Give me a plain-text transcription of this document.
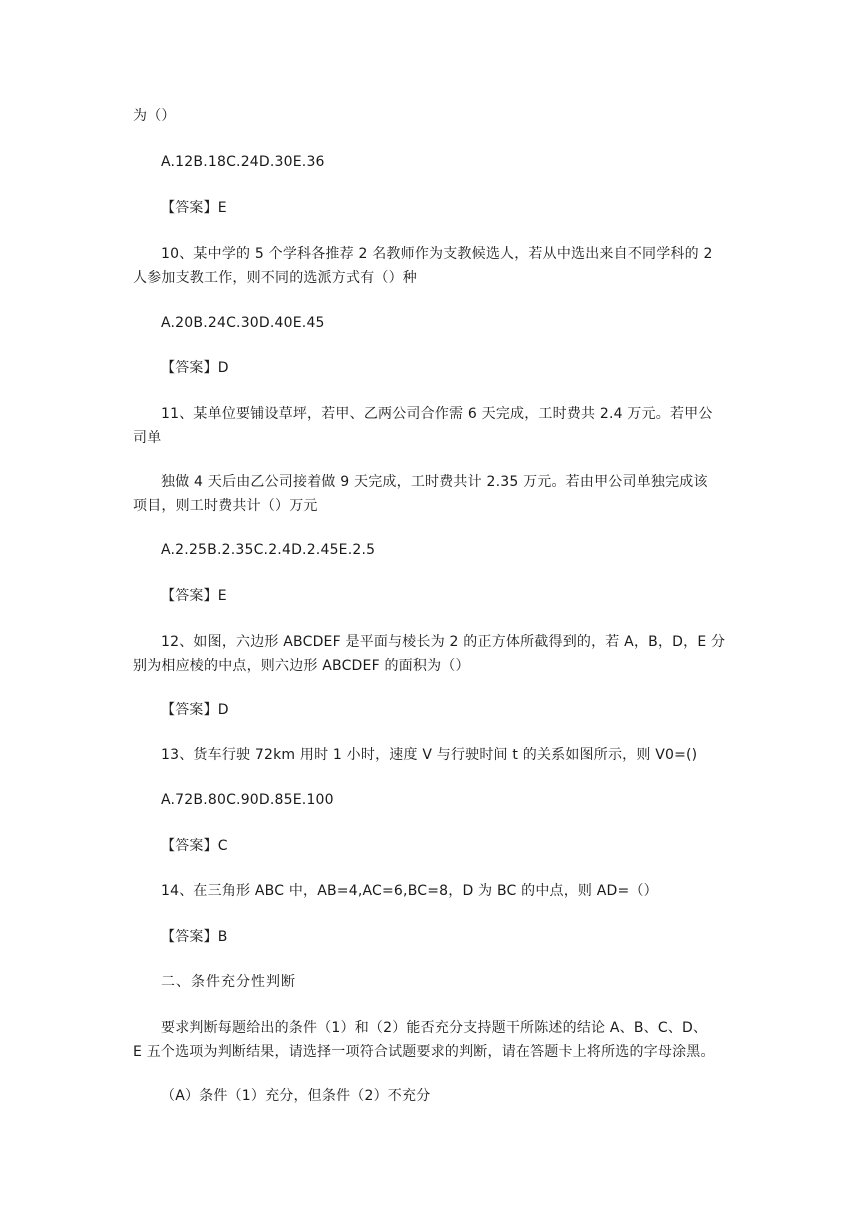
为（）
A.12B.18C.24D.30E.36
【答案】E
10、某中学的 5 个学科各推荐 2 名教师作为支教候选人，若从中选出来自不同学科的 2
人参加支教工作，则不同的选派方式有（）种
A.20B.24C.30D.40E.45
【答案】D
11、某单位要铺设草坪，若甲、乙两公司合作需 6 天完成，工时费共 2.4 万元。若甲公
司单
独做 4 天后由乙公司接着做 9 天完成，工时费共计 2.35 万元。若由甲公司单独完成该
项目，则工时费共计（）万元
A.2.25B.2.35C.2.4D.2.45E.2.5
【答案】E
12、如图，六边形 ABCDEF 是平面与棱长为 2 的正方体所截得到的，若 A，B，D，E 分
别为相应棱的中点，则六边形 ABCDEF 的面积为（）
【答案】D
13、货车行驶 72km 用时 1 小时，速度 V 与行驶时间 t 的关系如图所示，则 V0=()
A.72B.80C.90D.85E.100
【答案】C
14、在三角形 ABC 中，AB=4,AC=6,BC=8，D 为 BC 的中点，则 AD=（）
【答案】B
二、条件充分性判断
要求判断每题给出的条件（1）和（2）能否充分支持题干所陈述的结论 A、B、C、D、
E 五个选项为判断结果，请选择一项符合试题要求的判断，请在答题卡上将所选的字母涂黑。
（A）条件（1）充分，但条件（2）不充分
